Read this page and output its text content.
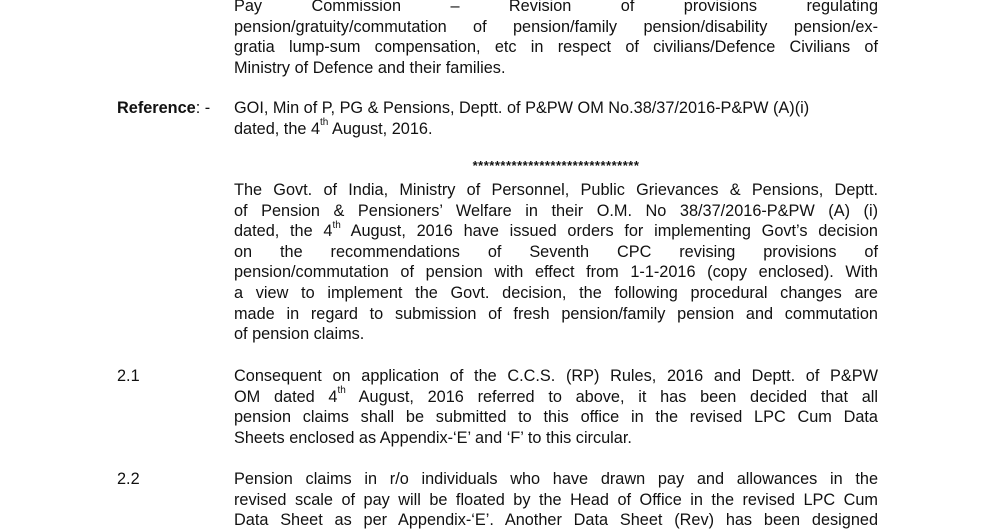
Pay Commission – Revision of provisions regulating
pension/gratuity/commutation of pension/family pension/disability pension/ex-
gratia lump-sum compensation, etc in respect of civilians/Defence Civilians of
Ministry of Defence and their families.
Reference: - GOI, Min of P, PG & Pensions, Deptt. of P&PW OM No.38/37/2016-P&PW (A)(i)
dated, the 4th August, 2016.
******************************
The Govt. of India, Ministry of Personnel, Public Grievances & Pensions, Deptt.
of Pension & Pensioners’ Welfare in their O.M. No 38/37/2016-P&PW (A) (i)
dated, the 4th August, 2016 have issued orders for implementing Govt’s decision
on the recommendations of Seventh CPC revising provisions of
pension/commutation of pension with effect from 1-1-2016 (copy enclosed). With
a view to implement the Govt. decision, the following procedural changes are
made in regard to submission of fresh pension/family pension and commutation
of pension claims.
2.1	Consequent on application of the C.C.S. (RP) Rules, 2016 and Deptt. of P&PW
OM dated 4th August, 2016 referred to above, it has been decided that all
pension claims shall be submitted to this office in the revised LPC Cum Data
Sheets enclosed as Appendix-‘E’ and ‘F’ to this circular.
2.2	Pension claims in r/o individuals who have drawn pay and allowances in the
revised scale of pay will be floated by the Head of Office in the revised LPC Cum
Data Sheet as per Appendix-‘E’. Another Data Sheet (Rev) has been designed
